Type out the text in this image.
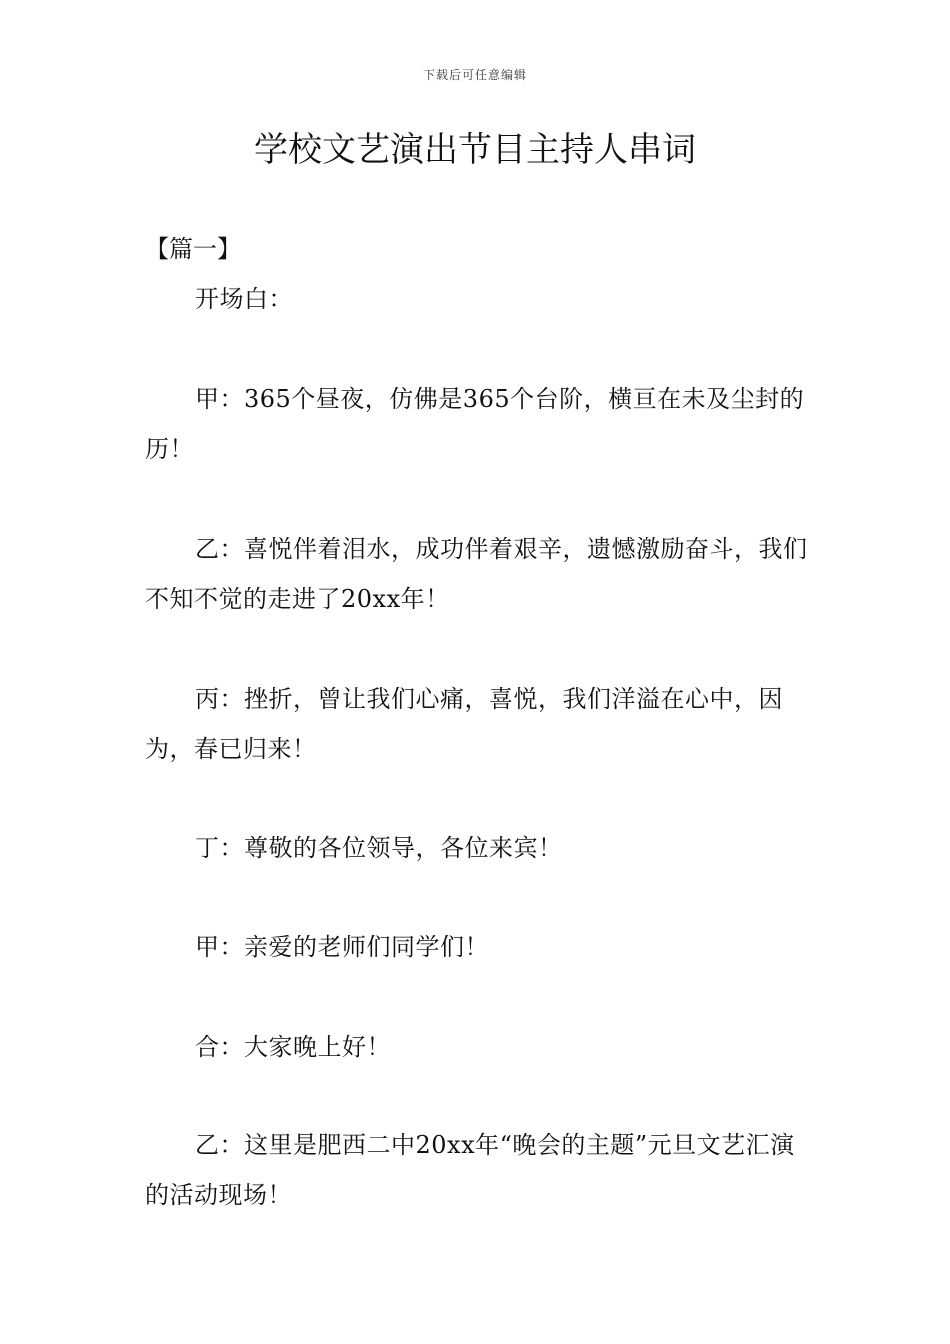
下载后可任意编辑
学校文艺演出节目主持人串词

【篇一】

开场白：

甲：365个昼夜，仿佛是365个台阶，横亘在未及尘封的历！

乙：喜悦伴着泪水，成功伴着艰辛，遗憾激励奋斗，我们不知不觉的走进了20xx年！

丙：挫折，曾让我们心痛，喜悦，我们洋溢在心中，因为，春已归来！

丁：尊敬的各位领导，各位来宾！

甲：亲爱的老师们同学们！

合：大家晚上好！

乙：这里是肥西二中20xx年“晚会的主题”元旦文艺汇演的活动现场！
